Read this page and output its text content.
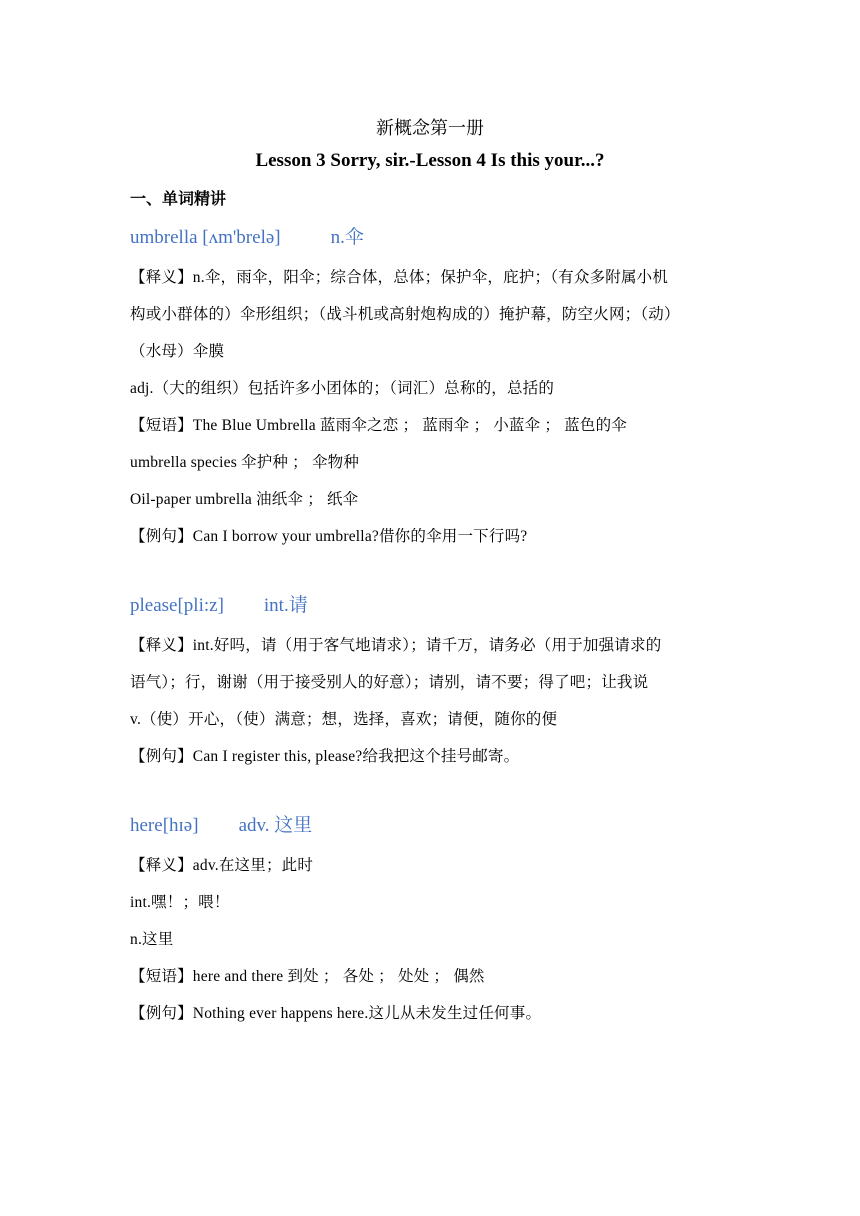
新概念第一册
Lesson 3 Sorry, sir.-Lesson 4 Is this your...?
一、单词精讲
umbrella [ʌm'brelə]	n.伞
【释义】n.伞，雨伞，阳伞；综合体，总体；保护伞，庇护；（有众多附属小机
构或小群体的）伞形组织；（战斗机或高射炮构成的）掩护幕，防空火网；（动）
（水母）伞膜
adj.（大的组织）包括许多小团体的；（词汇）总称的，总括的
【短语】The Blue Umbrella 蓝雨伞之恋 ； 蓝雨伞 ； 小蓝伞 ； 蓝色的伞
umbrella species 伞护种 ； 伞物种
Oil-paper umbrella 油纸伞 ； 纸伞
【例句】Can I borrow your umbrella?借你的伞用一下行吗?
please[pli:z] int.请
【释义】int.好吗，请（用于客气地请求）；请千万，请务必（用于加强请求的
语气）；行，谢谢（用于接受别人的好意）；请别，请不要；得了吧；让我说
v.（使）开心，（使）满意；想，选择，喜欢；请便，随你的便
【例句】Can I register this, please?给我把这个挂号邮寄。
here[hɪə] adv. 这里
【释义】adv.在这里；此时
int.嘿！；喂！
n.这里
【短语】here and there 到处 ； 各处 ； 处处 ； 偶然
【例句】Nothing ever happens here.这儿从未发生过任何事。
